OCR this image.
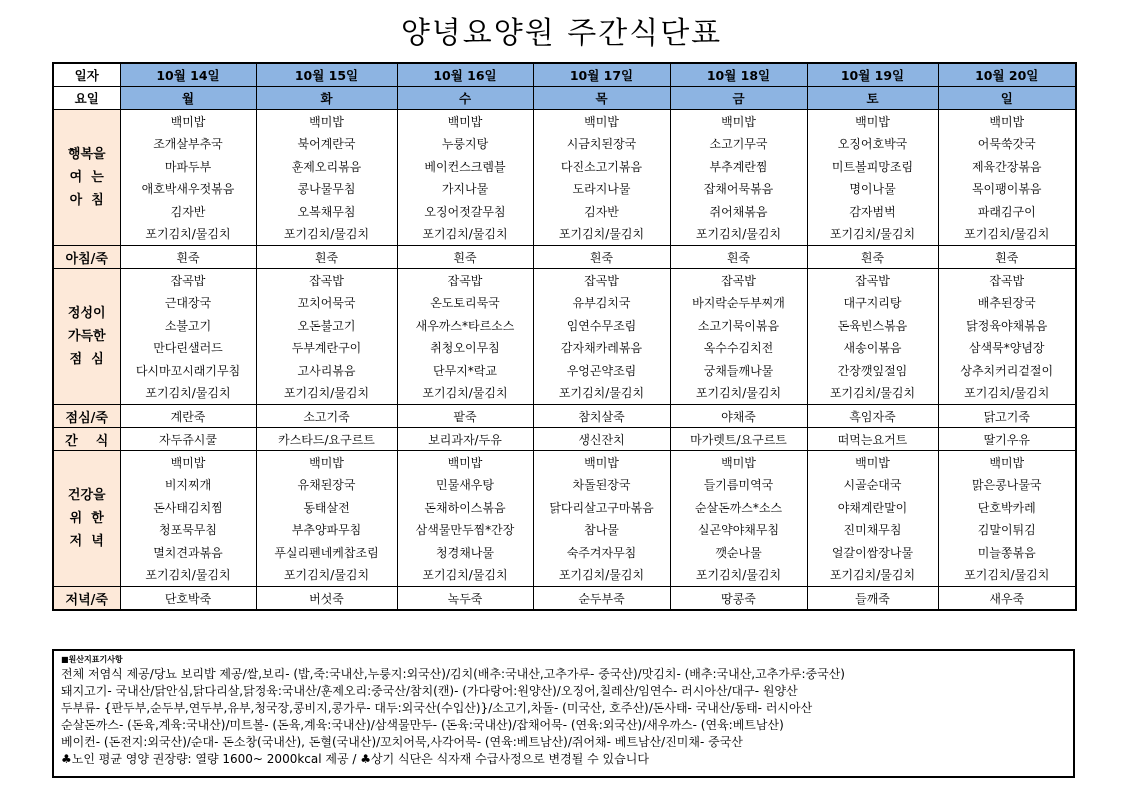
양녕요양원 주간식단표
일자	10월 14일	10월 15일	10월 16일	10월 17일	10월 18일	10월 19일	10월 20일
요일	월	화	수	목	금	토	일

행복을
여  는
아  침	백미밥	백미밥	백미밥	백미밥	백미밥	백미밥	백미밥
	조개살부추국	북어계란국	누룽지탕	시금치된장국	소고기무국	오징어호박국	어묵쑥갓국
	마파두부	훈제오리볶음	베이컨스크렘블	다진소고기볶음	부추계란찜	미트볼피망조림	제육간장볶음
	애호박새우젓볶음	콩나물무침	가지나물	도라지나물	잡채어묵볶음	명이나물	목이팽이볶음
	김자반	오복채무침	오징어젓갈무침	김자반	쥐어채볶음	감자범벅	파래김구이
	포기김치/물김치	포기김치/물김치	포기김치/물김치	포기김치/물김치	포기김치/물김치	포기김치/물김치	포기김치/물김치
아침/죽	흰죽	흰죽	흰죽	흰죽	흰죽	흰죽	흰죽

정성이
가득한
점  심	잡곡밥	잡곡밥	잡곡밥	잡곡밥	잡곡밥	잡곡밥	잡곡밥
	근대장국	꼬치어묵국	온도토리묵국	유부김치국	바지락순두부찌개	대구지리탕	배추된장국
	소불고기	오돈불고기	새우까스*타르소스	임연수무조림	소고기묵이볶음	돈육빈스볶음	닭정육야채볶음
	만다린샐러드	두부계란구이	취청오이무침	감자채카레볶음	옥수수김치전	새송이볶음	삼색묵*양념장
	다시마꼬시래기무침	고사리볶음	단무지*락교	우엉곤약조림	궁채들깨나물	간장깻잎절임	상추치커리겉절이
	포기김치/물김치	포기김치/물김치	포기김치/물김치	포기김치/물김치	포기김치/물김치	포기김치/물김치	포기김치/물김치
점심/죽	계란죽	소고기죽	팥죽	참치살죽	야채죽	흑임자죽	닭고기죽
간    식	자두쥬시쿨	카스타드/요구르트	보리과자/두유	생신잔치	마가렛트/요구르트	떠먹는요거트	딸기우유

건강을
위  한
저  녁	백미밥	백미밥	백미밥	백미밥	백미밥	백미밥	백미밥
	비지찌개	유채된장국	민물새우탕	차돌된장국	들기름미역국	시골순대국	맑은콩나물국
	돈사태김치찜	동태살전	돈채하이스볶음	닭다리살고구마볶음	순살돈까스*소스	야채계란말이	단호박카레
	청포묵무침	부추양파무침	삼색물만두찜*간장	참나물	실곤약야채무침	진미채무침	김말이튀김
	멸치견과볶음	푸실리펜네케찹조림	청경채나물	숙주겨자무침	깻순나물	얼갈이쌈장나물	미늘쫑볶음
	포기김치/물김치	포기김치/물김치	포기김치/물김치	포기김치/물김치	포기김치/물김치	포기김치/물김치	포기김치/물김치
저녁/죽	단호박죽	버섯죽	녹두죽	순두부죽	땅콩죽	들깨죽	새우죽
■원산지표기사항
전체 저염식 제공/당뇨 보리밥 제공/쌀,보리- (밥,죽:국내산,누룽지:외국산)/김치(배추:국내산,고추가루- 중국산)/맛김치- (배추:국내산,고추가루:중국산)
돼지고기- 국내산/닭안심,닭다리살,닭정육:국내산/훈제오리:중국산/참치(캔)- (가다랑어:원양산)/오징어,칠레산/임연수- 러시아산/대구- 원양산
두부류- {판두부,순두부,연두부,유부,청국장,콩비지,콩가루- 대두:외국산(수입산)}/소고기,차돌- (미국산, 호주산)/돈사태- 국내산/동태- 러시아산
순살돈까스- (돈육,계육:국내산)/미트볼- (돈육,계육:국내산)/삼색물만두- (돈육:국내산)/잡채어묵- (연육:외국산)/새우까스- (연육:베트남산)
베이컨- (돈전지:외국산)/순대- 돈소창(국내산), 돈혈(국내산)/꼬치어묵,사각어묵- (연육:베트남산)/쥐어채- 베트남산/진미채- 중국산
♣노인 평균 영양 권장량: 열량 1600~ 2000kcal 제공 / ♣상기 식단은 식자재 수급사정으로 변경될 수 있습니다
